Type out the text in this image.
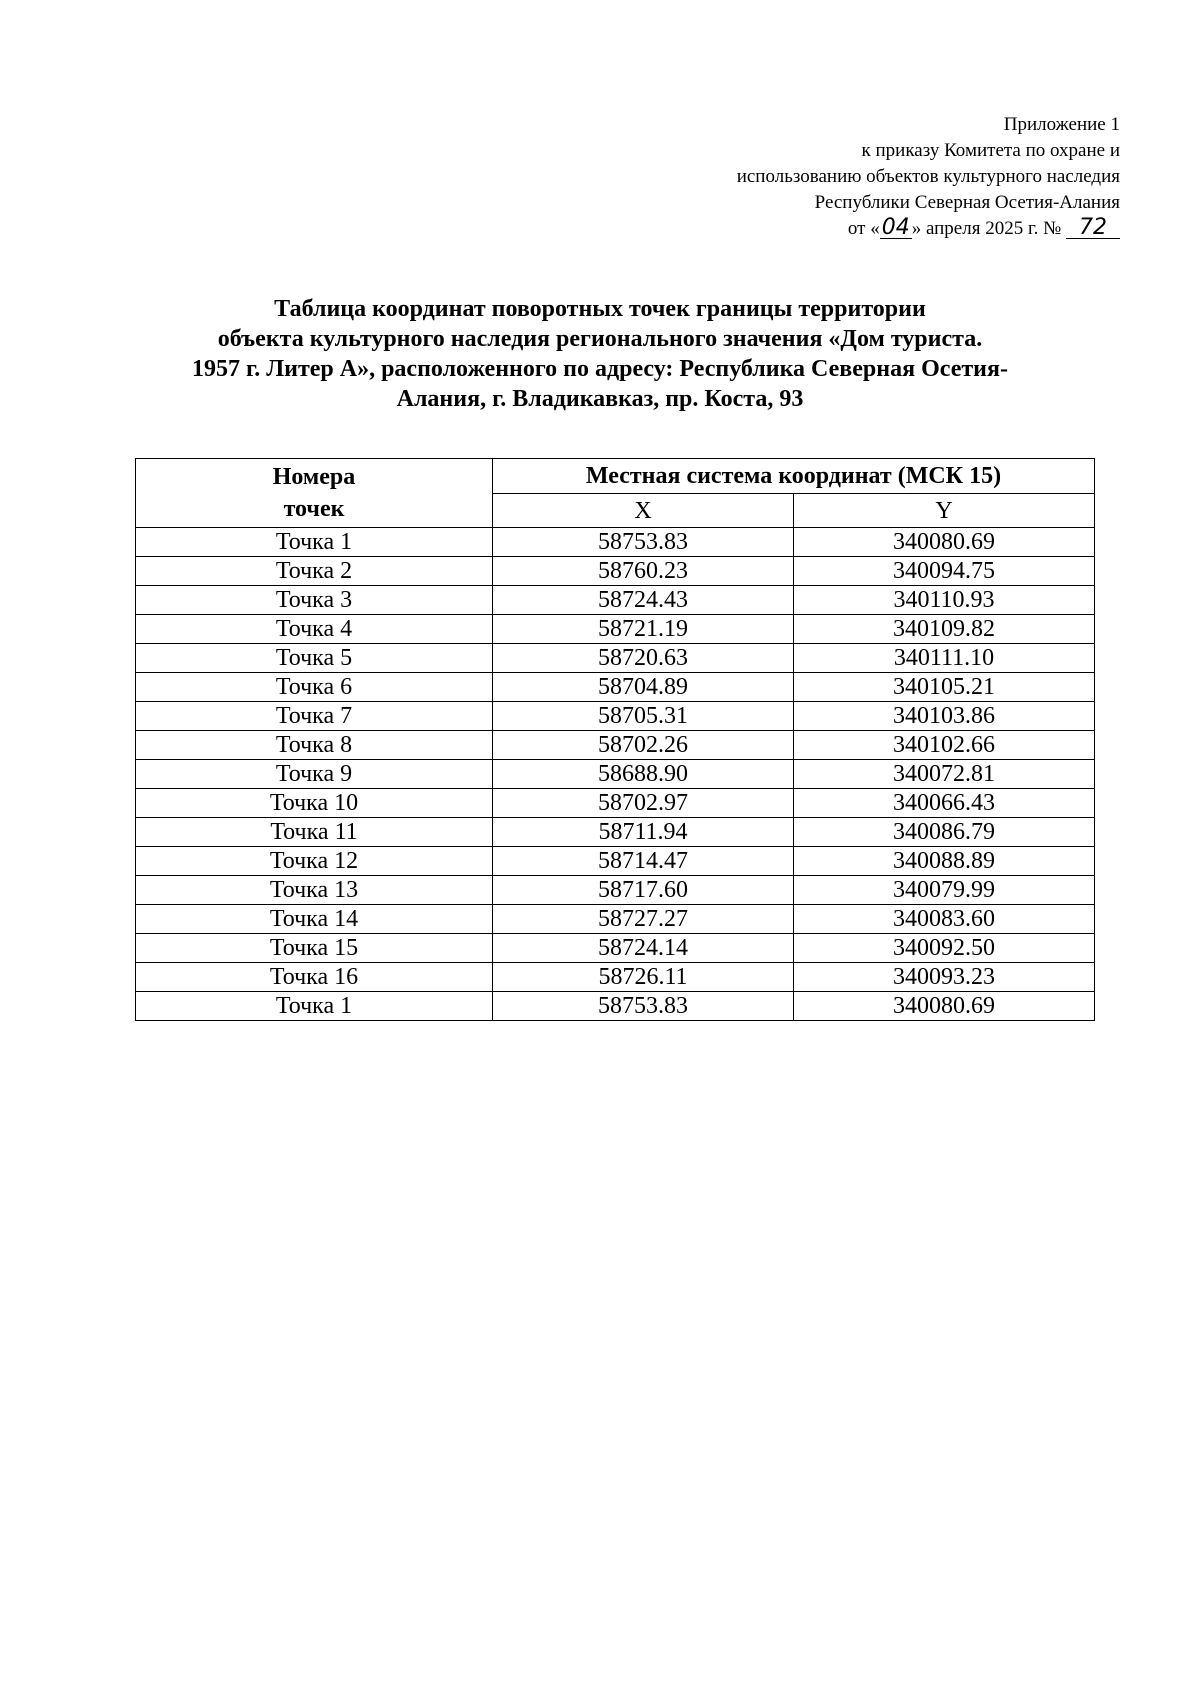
Приложение 1
к приказу Комитета по охране и
использованию объектов культурного наследия
Республики Северная Осетия-Алания
от «04 » апреля 2025 г. № 72
Таблица координат поворотных точек границы территории
объекта культурного наследия регионального значения «Дом туриста.
1957 г. Литер А», расположенного по адресу: Республика Северная Осетия-
Алания, г. Владикавказ, пр. Коста, 93
Номера
точек	Местная система координат (МСК 15)	
	X	Y
Точка 1	58753.83	340080.69
Точка 2	58760.23	340094.75
Точка 3	58724.43	340110.93
Точка 4	58721.19	340109.82
Точка 5	58720.63	340111.10
Точка 6	58704.89	340105.21
Точка 7	58705.31	340103.86
Точка 8	58702.26	340102.66
Точка 9	58688.90	340072.81
Точка 10	58702.97	340066.43
Точка 11	58711.94	340086.79
Точка 12	58714.47	340088.89
Точка 13	58717.60	340079.99
Точка 14	58727.27	340083.60
Точка 15	58724.14	340092.50
Точка 16	58726.11	340093.23
Точка 1	58753.83	340080.69
